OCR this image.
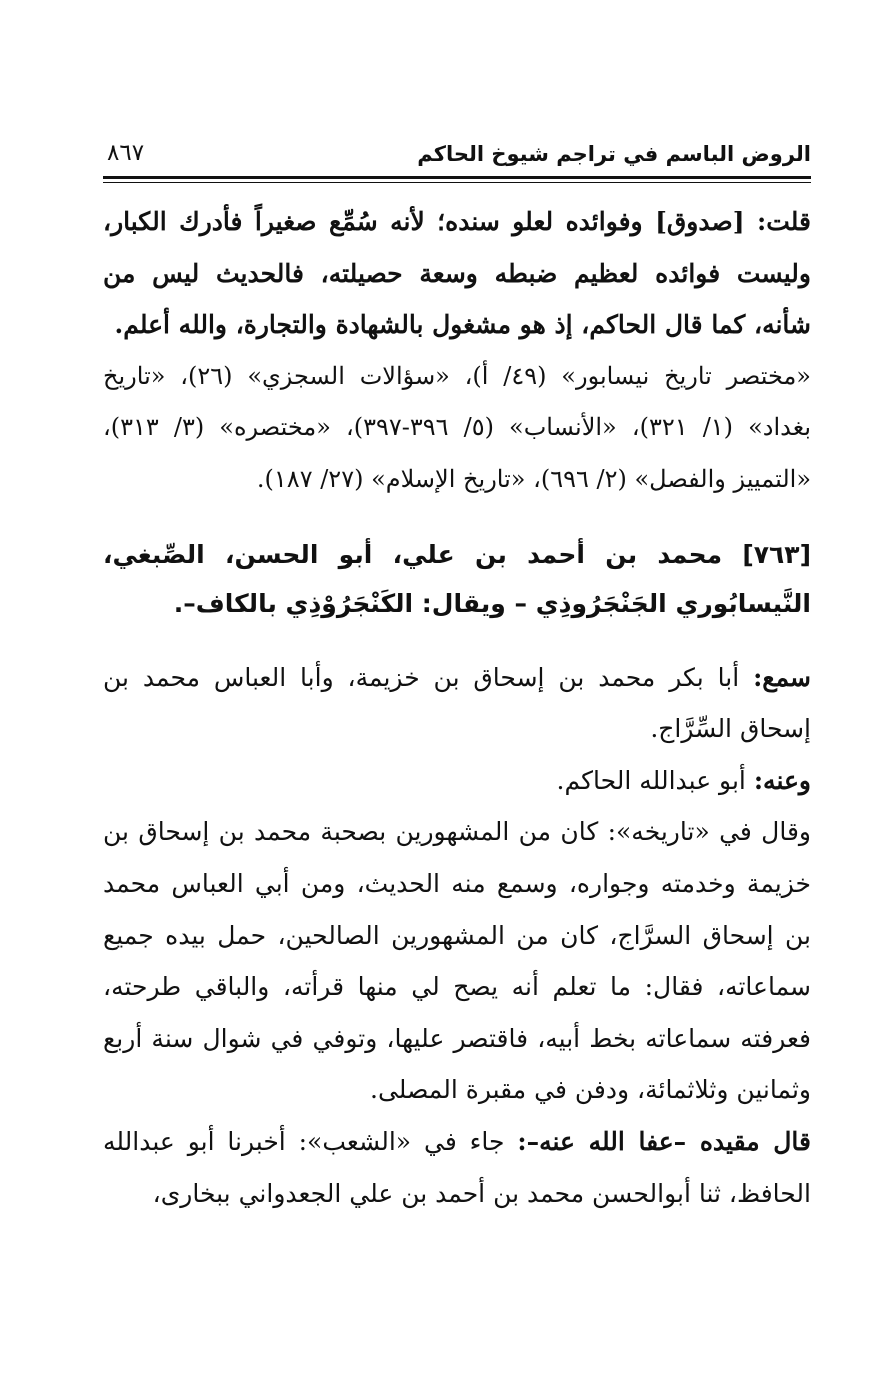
الروض الباسم في تراجم شيوخ الحاكم
٨٦٧

قلت: [صدوق] وفوائده لعلو سنده؛ لأنه سُمِّع صغيراً فأدرك الكبار، وليست فوائده لعظيم ضبطه وسعة حصيلته، فالحديث ليس من شأنه، كما قال الحاكم، إذ هو مشغول بالشهادة والتجارة، والله أعلم.

«مختصر تاريخ نيسابور» (٤٩/ أ)، «سؤالات السجزي» (٢٦)، «تاريخ بغداد» (١/ ٣٢١)، «الأنساب» (٥/ ٣٩٦-٣٩٧)، «مختصره» (٣/ ٣١٣)، «التمييز والفصل» (٢/ ٦٩٦)، «تاريخ الإسلام» (٢٧/ ١٨٧).

[٧٦٣] محمد بن أحمد بن علي، أبو الحسن، الصِّبغي، النَّيسابُوري الجَنْجَرُوذِي – ويقال: الكَنْجَرُوْذِي بالكاف–.

سمع: أبا بكر محمد بن إسحاق بن خزيمة، وأبا العباس محمد بن إسحاق السِّرَّاج.

وعنه: أبو عبدالله الحاكم.

وقال في «تاريخه»: كان من المشهورين بصحبة محمد بن إسحاق بن خزيمة وخدمته وجواره، وسمع منه الحديث، ومن أبي العباس محمد بن إسحاق السرَّاج، كان من المشهورين الصالحين، حمل بيده جميع سماعاته، فقال: ما تعلم أنه يصح لي منها قرأته، والباقي طرحته، فعرفته سماعاته بخط أبيه، فاقتصر عليها، وتوفي في شوال سنة أربع وثمانين وثلاثمائة، ودفن في مقبرة المصلى.

قال مقيده –عفا الله عنه–: جاء في «الشعب»: أخبرنا أبو عبدالله الحافظ، ثنا أبوالحسن محمد بن أحمد بن علي الجعدواني ببخارى،
